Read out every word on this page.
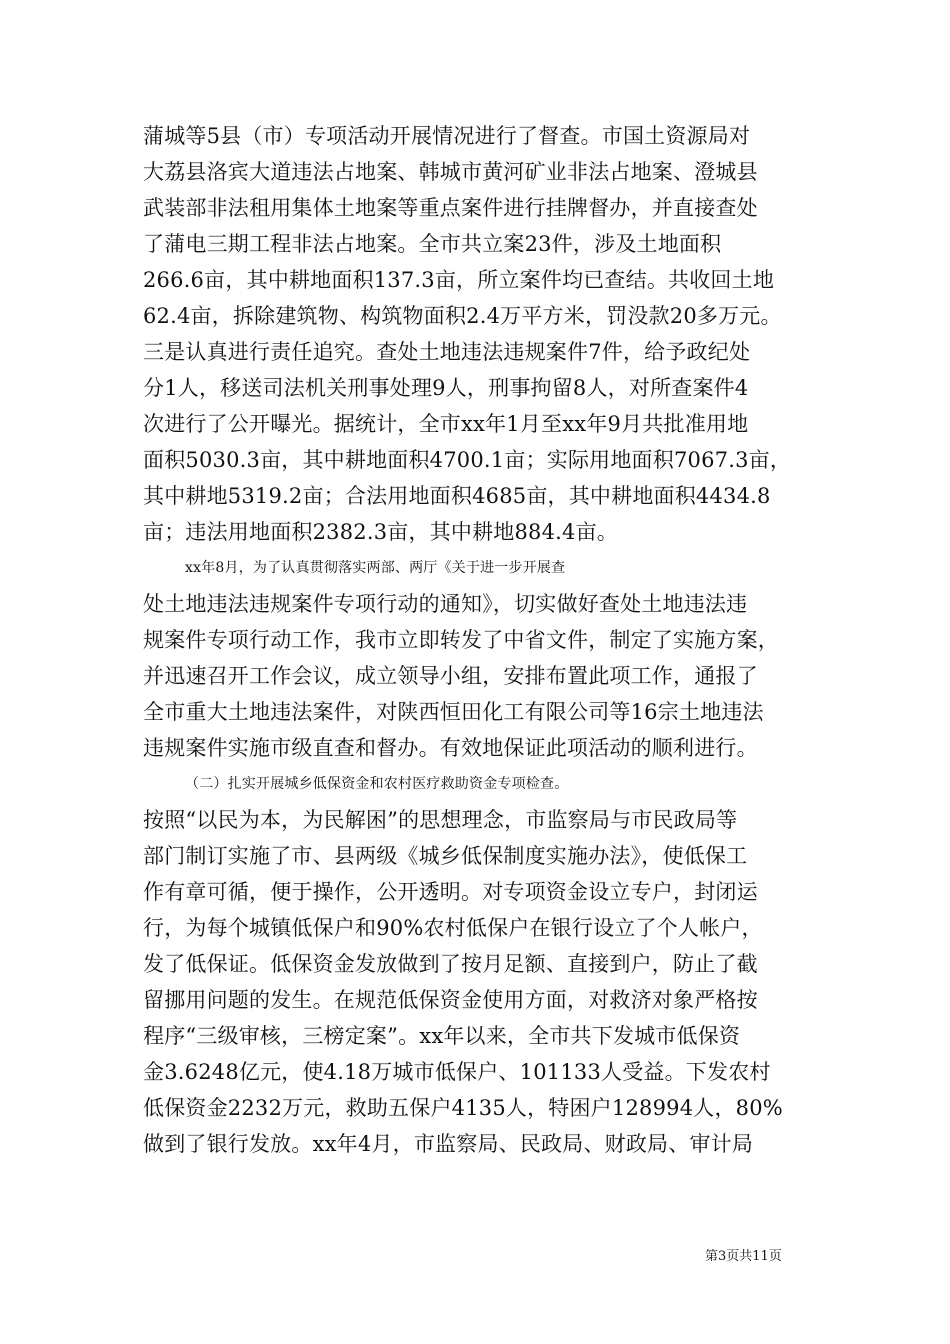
蒲城等5县（市）专项活动开展情况进行了督查。市国土资源局对
大荔县洛宾大道违法占地案、韩城市黄河矿业非法占地案、澄城县
武装部非法租用集体土地案等重点案件进行挂牌督办，并直接查处
了蒲电三期工程非法占地案。全市共立案23件，涉及土地面积
266.6亩，其中耕地面积137.3亩，所立案件均已查结。共收回土地
62.4亩，拆除建筑物、构筑物面积2.4万平方米，罚没款20多万元。
三是认真进行责任追究。查处土地违法违规案件7件，给予政纪处
分1人，移送司法机关刑事处理9人，刑事拘留8人，对所查案件4
次进行了公开曝光。据统计，全市xx年1月至xx年9月共批准用地
面积5030.3亩，其中耕地面积4700.1亩；实际用地面积7067.3亩，
其中耕地5319.2亩；合法用地面积4685亩，其中耕地面积4434.8
亩；违法用地面积2382.3亩，其中耕地884.4亩。
xx年8月，为了认真贯彻落实两部、两厅《关于进一步开展查
处土地违法违规案件专项行动的通知》，切实做好查处土地违法违
规案件专项行动工作，我市立即转发了中省文件，制定了实施方案，
并迅速召开工作会议，成立领导小组，安排布置此项工作，通报了
全市重大土地违法案件，对陕西恒田化工有限公司等16宗土地违法
违规案件实施市级直查和督办。有效地保证此项活动的顺利进行。
（二）扎实开展城乡低保资金和农村医疗救助资金专项检查。
按照“以民为本，为民解困”的思想理念，市监察局与市民政局等
部门制订实施了市、县两级《城乡低保制度实施办法》，使低保工
作有章可循，便于操作，公开透明。对专项资金设立专户，封闭运
行，为每个城镇低保户和90%农村低保户在银行设立了个人帐户，
发了低保证。低保资金发放做到了按月足额、直接到户，防止了截
留挪用问题的发生。在规范低保资金使用方面，对救济对象严格按
程序“三级审核，三榜定案”。xx年以来，全市共下发城市低保资
金3.6248亿元，使4.18万城市低保户、101133人受益。下发农村
低保资金2232万元，救助五保户4135人，特困户128994人，80%
做到了银行发放。xx年4月，市监察局、民政局、财政局、审计局
第3页共11页
